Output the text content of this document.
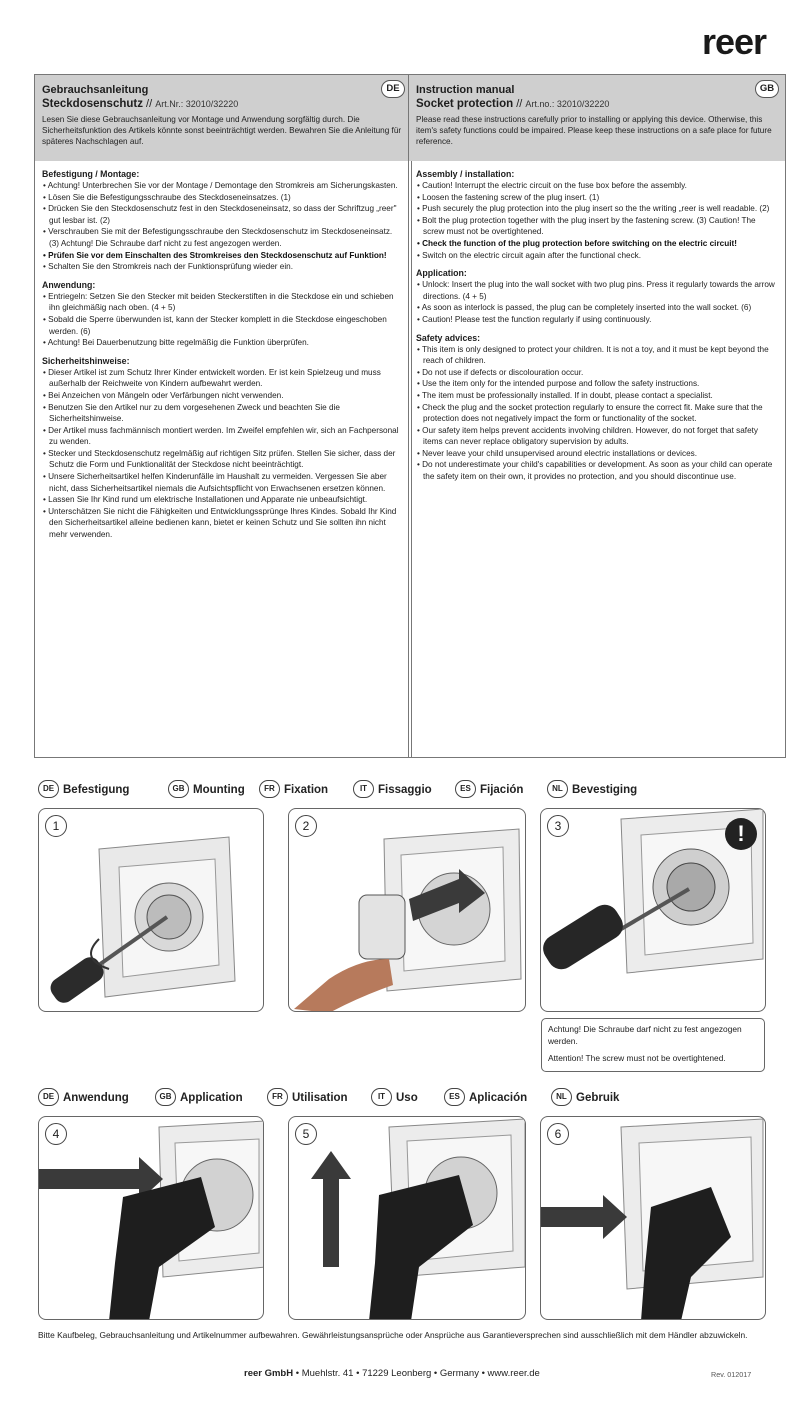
reer
DE
Gebrauchsanleitung
Steckdosenschutz // Art.Nr.: 32010/32220
Lesen Sie diese Gebrauchsanleitung vor Montage und Anwendung sorgfältig durch. Die Sicherheitsfunktion des Artikels könnte sonst beeinträchtigt werden. Bewahren Sie die Anleitung für späteres Nachschlagen auf.
Befestigung / Montage:
• Achtung! Unterbrechen Sie vor der Montage / Demontage den Stromkreis am Sicherungskasten.
• Lösen Sie die Befestigungsschraube des Steckdoseneinsatzes. (1)
• Drücken Sie den Steckdosenschutz fest in den Steckdoseneinsatz, so dass der Schriftzug „reer" gut lesbar ist. (2)
• Verschrauben Sie mit der Befestigungsschraube den Steckdosenschutz im Steckdoseneinsatz. (3) Achtung! Die Schraube darf nicht zu fest angezogen werden.
• Prüfen Sie vor dem Einschalten des Stromkreises den Steckdosenschutz auf Funktion!
• Schalten Sie den Stromkreis nach der Funktionsprüfung wieder ein.
Anwendung:
• Entriegeln: Setzen Sie den Stecker mit beiden Steckerstiften in die Steckdose ein und schieben ihn gleichmäßig nach oben. (4 + 5)
• Sobald die Sperre überwunden ist, kann der Stecker komplett in die Steckdose eingeschoben werden. (6)
• Achtung! Bei Dauerbenutzung bitte regelmäßig die Funktion überprüfen.
Sicherheitshinweise:
• Dieser Artikel ist zum Schutz Ihrer Kinder entwickelt worden. Er ist kein Spielzeug und muss außerhalb der Reichweite von Kindern aufbewahrt werden.
• Bei Anzeichen von Mängeln oder Verfärbungen nicht verwenden.
• Benutzen Sie den Artikel nur zu dem vorgesehenen Zweck und beachten Sie die Sicherheitshinweise.
• Der Artikel muss fachmännisch montiert werden. Im Zweifel empfehlen wir, sich an Fachpersonal zu wenden.
• Stecker und Steckdosenschutz regelmäßig auf richtigen Sitz prüfen. Stellen Sie sicher, dass der Schutz die Form und Funktionalität der Steckdose nicht beeinträchtigt.
• Unsere Sicherheitsartikel helfen Kinderunfälle im Haushalt zu vermeiden. Vergessen Sie aber nicht, dass Sicherheitsartikel niemals die Aufsichtspflicht von Erwachsenen ersetzen können.
• Lassen Sie Ihr Kind rund um elektrische Installationen und Apparate nie unbeaufsichtigt.
• Unterschätzen Sie nicht die Fähigkeiten und Entwicklungssprünge Ihres Kindes. Sobald Ihr Kind den Sicherheitsartikel alleine bedienen kann, bietet er keinen Schutz und Sie sollten ihn nicht mehr verwenden.
GB
Instruction manual
Socket protection // Art.no.: 32010/32220
Please read these instructions carefully prior to installing or applying this device. Otherwise, this item's safety functions could be impaired. Please keep these instructions on a safe place for future reference.
Assembly / installation:
• Caution! Interrupt the electric circuit on the fuse box before the assembly.
• Loosen the fastening screw of the plug insert. (1)
• Push securely the plug protection into the plug insert so the the writing „reer is well readable. (2)
• Bolt the plug protection together with the plug insert by the fastening screw. (3) Caution! The screw must not be overtightened.
• Check the function of the plug protection before switching on the electric circuit!
• Switch on the electric circuit again after the functional check.
Application:
• Unlock: Insert the plug into the wall socket with two plug pins. Press it regularly towards the arrow directions. (4 + 5)
• As soon as interlock is passed, the plug can be completely inserted into the wall socket. (6)
• Caution! Please test the function regularly if using continuously.
Safety advices:
• This item is only designed to protect your children. It is not a toy, and it must be kept beyond the reach of children.
• Do not use if defects or discolouration occur.
• Use the item only for the intended purpose and follow the safety instructions.
• The item must be professionally installed. If in doubt, please contact a specialist.
• Check the plug and the socket protection regularly to ensure the correct fit. Make sure that the protection does not negatively impact the form or functionality of the socket.
• Our safety item helps prevent accidents involving children. However, do not forget that safety items can never replace obligatory supervision by adults.
• Never leave your child unsupervised around electric installations or devices.
• Do not underestimate your child's capabilities or development. As soon as your child can operate the safety item on their own, it provides no protection, and you should discontinue use.
DE Befestigung	GB Mounting	FR Fixation	IT Fissaggio	ES Fijación	NL Bevestiging
1	2	3	!

Achtung! Die Schraube darf nicht zu fest angezogen werden.

Attention! The screw must not be overtightened.

DE Anwendung	GB Application	FR Utilisation	IT Uso	ES Aplicación	NL Gebruik
4	5	6
Bitte Kaufbeleg, Gebrauchsanleitung und Artikelnummer aufbewahren. Gewährleistungsansprüche oder Ansprüche aus Garantieversprechen sind ausschließlich mit dem Händler abzuwickeln.
reer GmbH • Muehlstr. 41 • 71229 Leonberg • Germany • www.reer.de	Rev. 012017
